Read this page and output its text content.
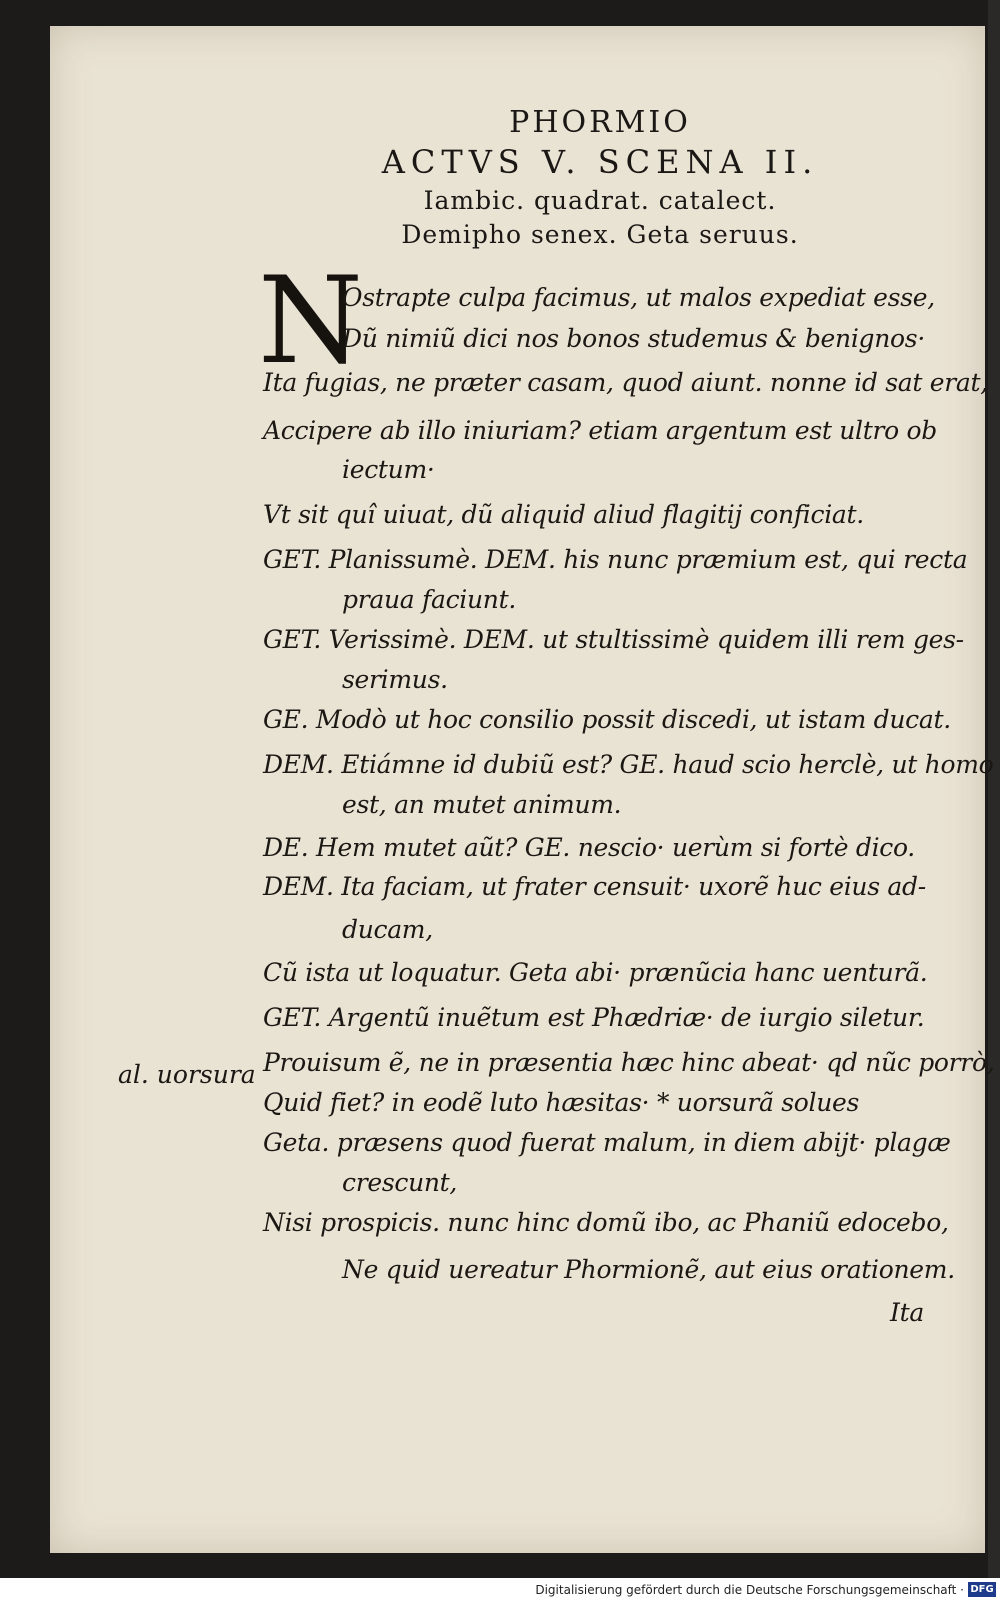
PHORMIO
ACTVS V. SCENA II.
Iambic. quadrat. catalect.
Demipho senex. Geta seruus.
N
Ostrapte culpa facimus, ut malos expediat esse,
Dũ nimiũ dici nos bonos studemus & benignos·
Ita fugias, ne præter casam, quod aiunt. nonne id sat erat,
Accipere ab illo iniuriam? etiam argentum est ultro ob
iectum·
Vt sit quî uiuat, dũ aliquid aliud flagitij conficiat.
GET. Planissumè. DEM. his nunc præmium est, qui recta
praua faciunt.
GET. Verissimè. DEM. ut stultissimè quidem illi rem ges-
serimus.
GE. Modò ut hoc consilio possit discedi, ut istam ducat.
DEM. Etiámne id dubiũ est? GE. haud scio herclè, ut homo
est, an mutet animum.
DE. Hem mutet aũt? GE. nescio· uerùm si fortè dico.
DEM. Ita faciam, ut frater censuit· uxorẽ huc eius ad-
ducam,
Cũ ista ut loquatur. Geta abi· prænũcia hanc uenturã.
GET. Argentũ inuẽtum est Phædriæ· de iurgio siletur.
Prouisum ẽ, ne in præsentia hæc hinc abeat· qd nũc porrò,
Quid fiet? in eodẽ luto hæsitas· * uorsurã solues
Geta. præsens quod fuerat malum, in diem abijt· plagæ
crescunt,
Nisi prospicis. nunc hinc domũ ibo, ac Phaniũ edocebo,
Ne quid uereatur Phormionẽ, aut eius orationem.
Ita
al. uorsura
Digitalisierung gefördert durch die Deutsche Forschungsgemeinschaft · DFG
